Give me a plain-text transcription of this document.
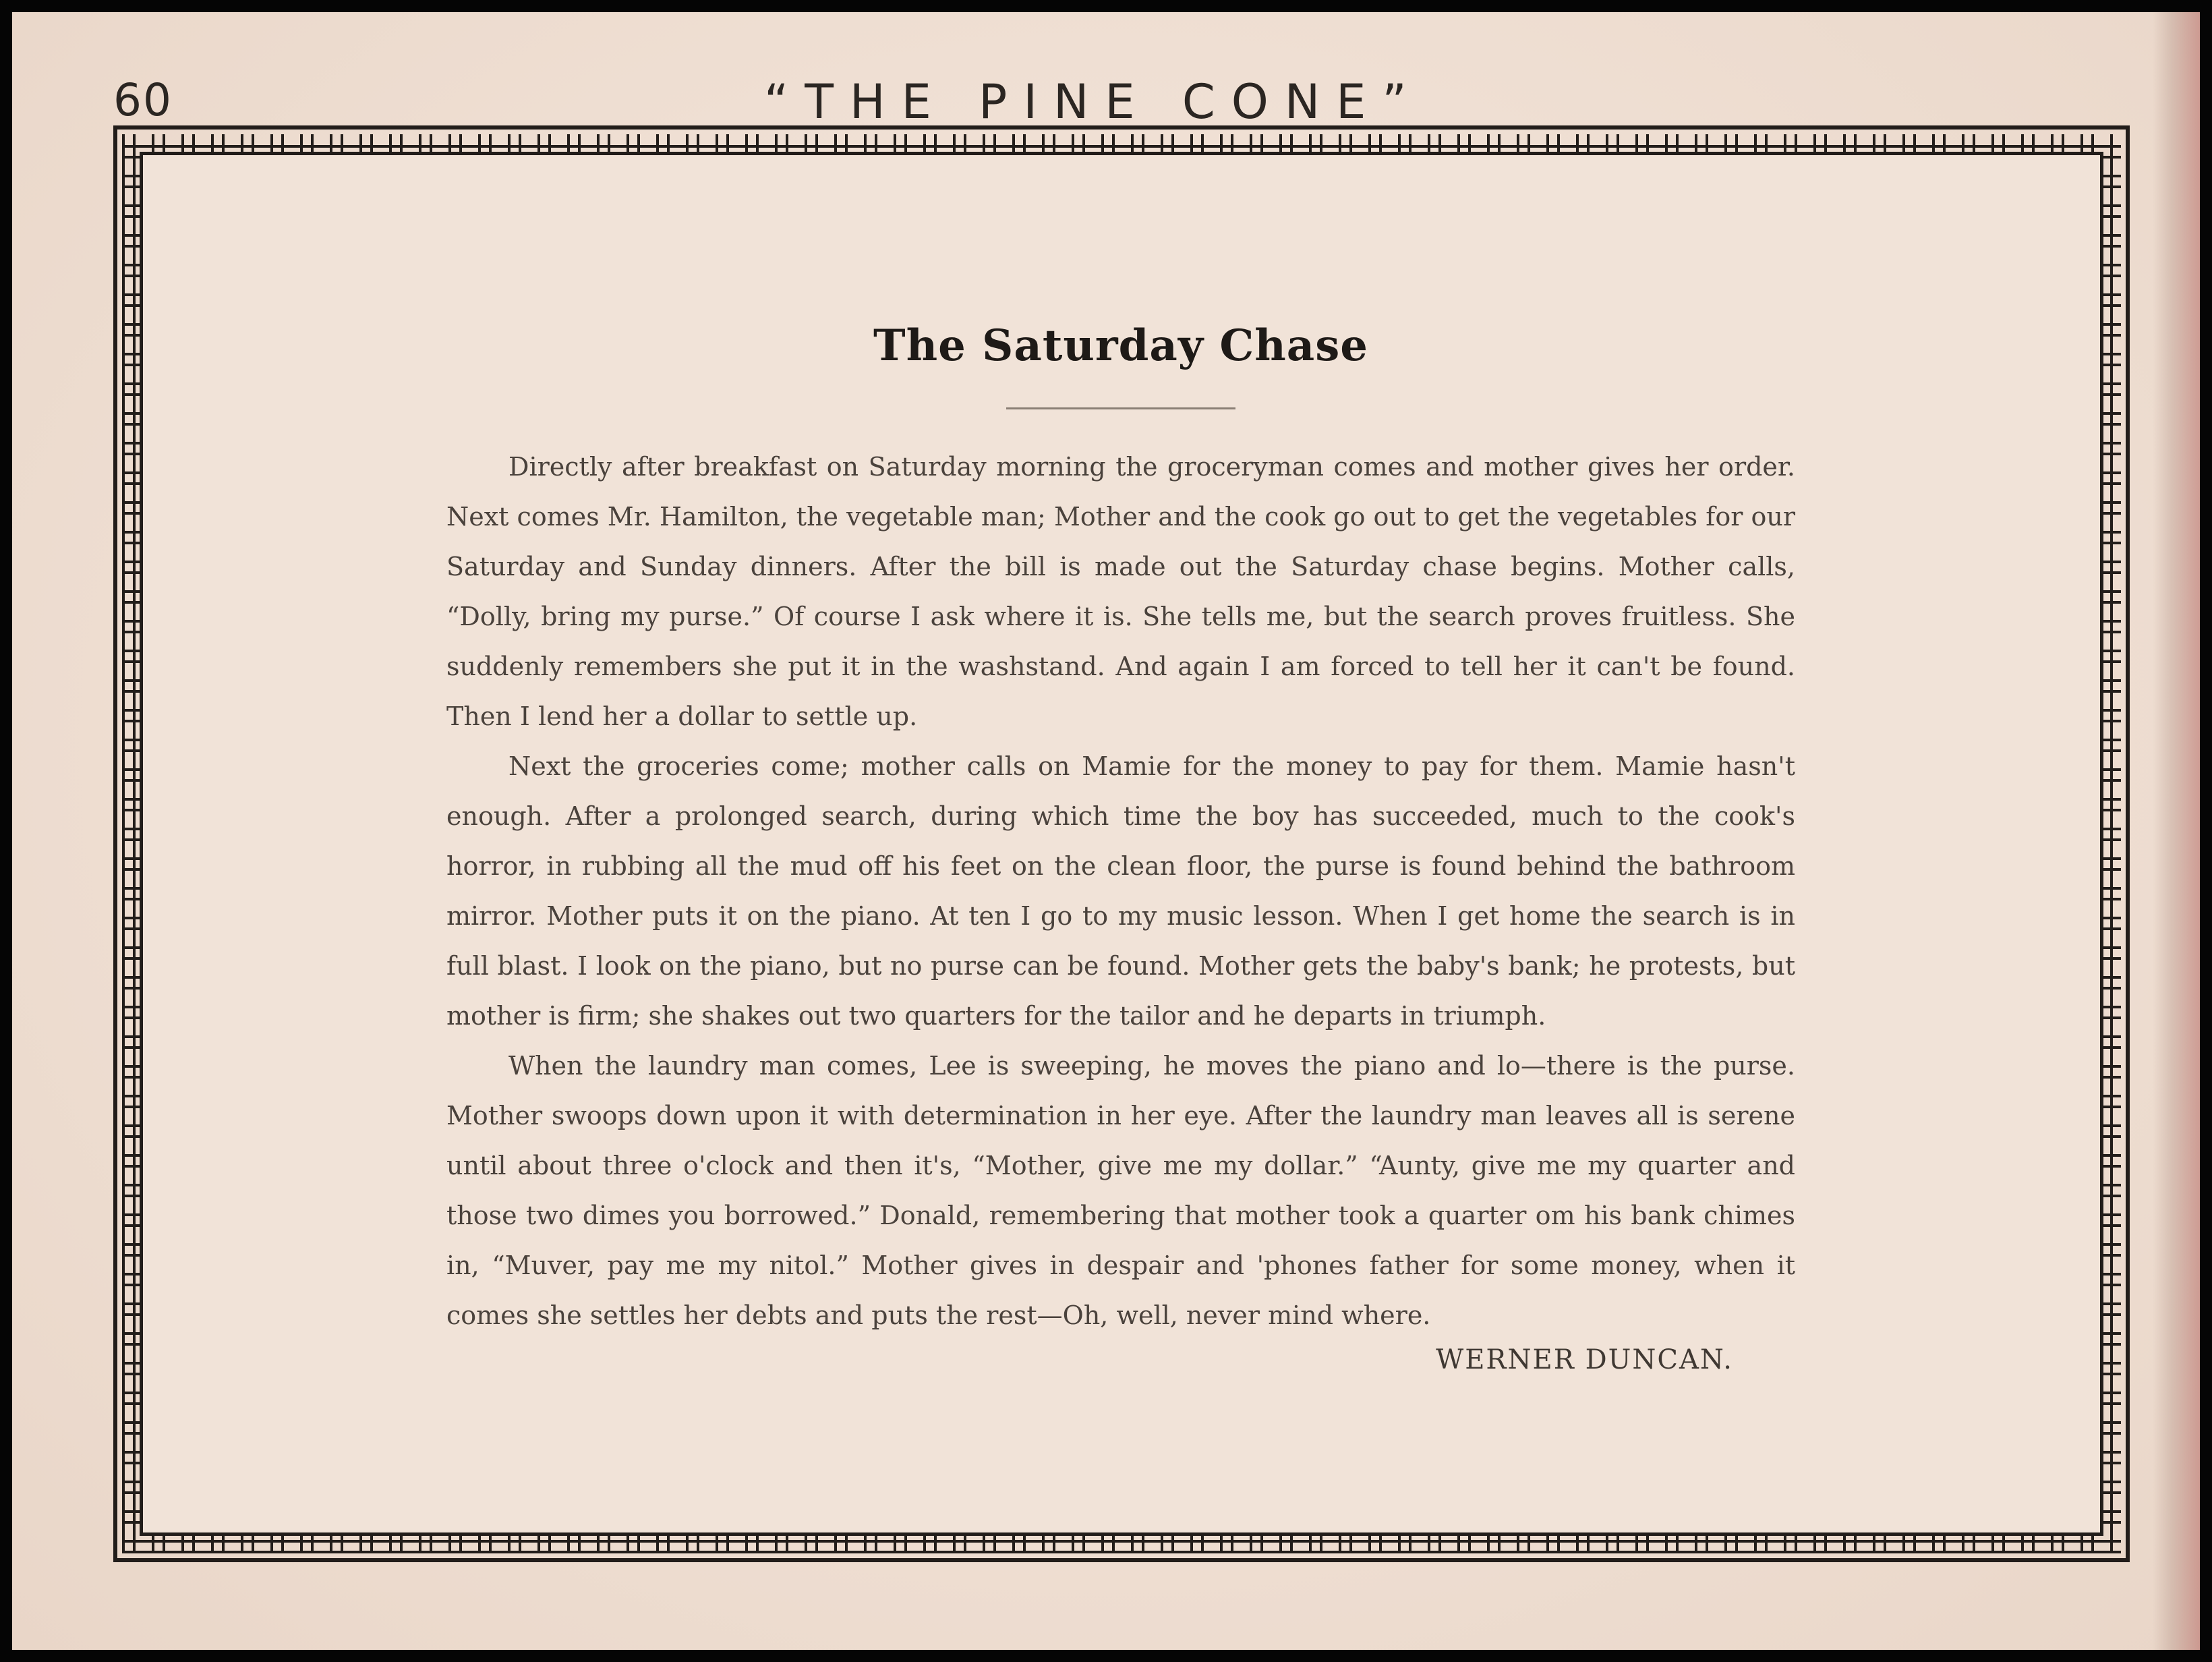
60	“THE PINE CONE”
The Saturday Chase

Directly after breakfast on Saturday morning the groceryman comes and mother gives her order. Next comes Mr. Hamilton, the vegetable man; Mother and the cook go out to get the vegetables for our Saturday and Sunday dinners. After the bill is made out the Saturday chase begins. Mother calls, “Dolly, bring my purse.” Of course I ask where it is. She tells me, but the search proves fruitless. She suddenly remembers she put it in the washstand. And again I am forced to tell her it can't be found. Then I lend her a dollar to settle up.

Next the groceries come; mother calls on Mamie for the money to pay for them. Mamie hasn't enough. After a prolonged search, during which time the boy has succeeded, much to the cook's horror, in rubbing all the mud off his feet on the clean floor, the purse is found behind the bathroom mirror. Mother puts it on the piano. At ten I go to my music lesson. When I get home the search is in full blast. I look on the piano, but no purse can be found. Mother gets the baby's bank; he protests, but mother is firm; she shakes out two quarters for the tailor and he departs in triumph.

When the laundry man comes, Lee is sweeping, he moves the piano and lo—there is the purse. Mother swoops down upon it with determination in her eye. After the laundry man leaves all is serene until about three o'clock and then it's, “Mother, give me my dollar.” “Aunty, give me my quarter and those two dimes you borrowed.” Donald, remembering that mother took a quarter om his bank chimes in, “Muver, pay me my nitol.” Mother gives in despair and 'phones father for some money, when it comes she settles her debts and puts the rest—Oh, well, never mind where.

WERNER DUNCAN.
